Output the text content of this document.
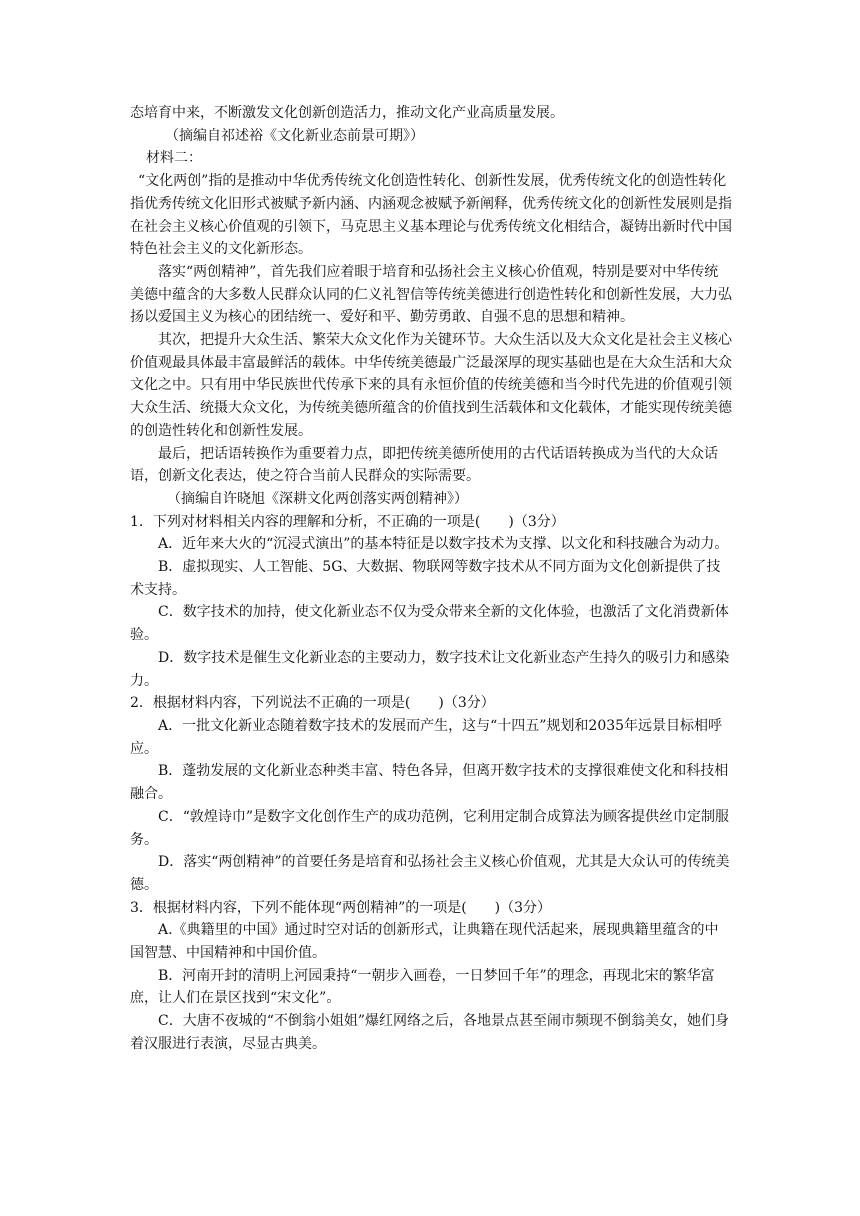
态培育中来，不断激发文化创新创造活力，推动文化产业高质量发展。
（摘编自祁述裕《文化新业态前景可期》）
材料二：
“文化两创”指的是推动中华优秀传统文化创造性转化、创新性发展，优秀传统文化的创造性转化指优秀传统文化旧形式被赋予新内涵、内涵观念被赋予新阐释，优秀传统文化的创新性发展则是指在社会主义核心价值观的引领下，马克思主义基本理论与优秀传统文化相结合，凝铸出新时代中国特色社会主义的文化新形态。
落实“两创精神”，首先我们应着眼于培育和弘扬社会主义核心价值观，特别是要对中华传统美德中蕴含的大多数人民群众认同的仁义礼智信等传统美德进行创造性转化和创新性发展，大力弘扬以爱国主义为核心的团结统一、爱好和平、勤劳勇敢、自强不息的思想和精神。
其次，把提升大众生活、繁荣大众文化作为关键环节。大众生活以及大众文化是社会主义核心价值观最具体最丰富最鲜活的载体。中华传统美德最广泛最深厚的现实基础也是在大众生活和大众文化之中。只有用中华民族世代传承下来的具有永恒价值的传统美德和当今时代先进的价值观引领大众生活、统摄大众文化，为传统美德所蕴含的价值找到生活载体和文化载体，才能实现传统美德的创造性转化和创新性发展。
最后，把话语转换作为重要着力点，即把传统美德所使用的古代话语转换成为当代的大众话语，创新文化表达，使之符合当前人民群众的实际需要。
（摘编自许晓旭《深耕文化两创落实两创精神》）
1．下列对材料相关内容的理解和分析，不正确的一项是(　　)（3分）
A．近年来大火的“沉浸式演出”的基本特征是以数字技术为支撑、以文化和科技融合为动力。
B．虚拟现实、人工智能、5G、大数据、物联网等数字技术从不同方面为文化创新提供了技术支持。
C．数字技术的加持，使文化新业态不仅为受众带来全新的文化体验，也激活了文化消费新体验。
D．数字技术是催生文化新业态的主要动力，数字技术让文化新业态产生持久的吸引力和感染力。
2．根据材料内容，下列说法不正确的一项是(　　)（3分）
A．一批文化新业态随着数字技术的发展而产生，这与“十四五”规划和2035年远景目标相呼应。
B．蓬勃发展的文化新业态种类丰富、特色各异，但离开数字技术的支撑很难使文化和科技相融合。
C．“敦煌诗巾”是数字文化创作生产的成功范例，它利用定制合成算法为顾客提供丝巾定制服务。
D．落实“两创精神”的首要任务是培育和弘扬社会主义核心价值观，尤其是大众认可的传统美德。
3．根据材料内容，下列不能体现“两创精神”的一项是(　　)（3分）
A.《典籍里的中国》通过时空对话的创新形式，让典籍在现代活起来，展现典籍里蕴含的中国智慧、中国精神和中国价值。
B．河南开封的清明上河园秉持“一朝步入画卷，一日梦回千年”的理念，再现北宋的繁华富庶，让人们在景区找到“宋文化”。
C．大唐不夜城的“不倒翁小姐姐”爆红网络之后，各地景点甚至闹市频现不倒翁美女，她们身着汉服进行表演，尽显古典美。
